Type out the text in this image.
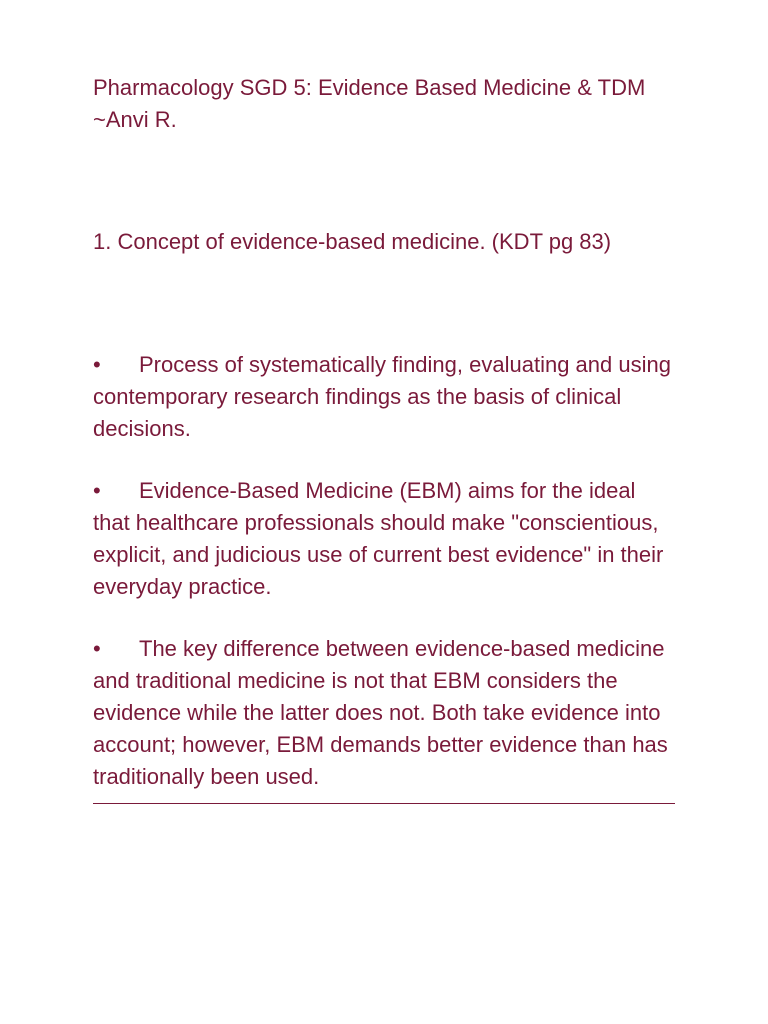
Pharmacology SGD 5: Evidence Based Medicine & TDM
~Anvi R.
1. Concept of evidence-based medicine. (KDT pg 83)
• Process of systematically finding, evaluating and using contemporary research findings as the basis of clinical decisions.
• Evidence-Based Medicine (EBM) aims for the ideal that healthcare professionals should make "conscientious, explicit, and judicious use of current best evidence" in their everyday practice.
• The key difference between evidence-based medicine and traditional medicine is not that EBM considers the evidence while the latter does not. Both take evidence into account; however, EBM demands better evidence than has traditionally been used.
